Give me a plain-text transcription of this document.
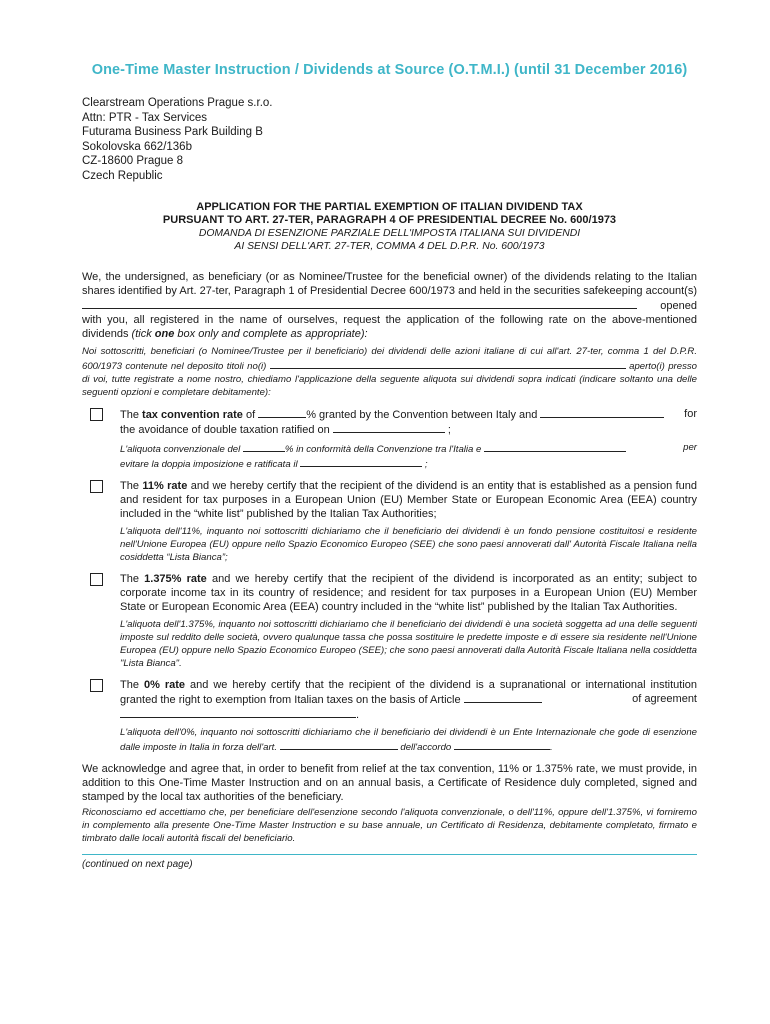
One-Time Master Instruction / Dividends at Source (O.T.M.I.) (until 31 December 2016)
Clearstream Operations Prague s.r.o.
Attn: PTR - Tax Services
Futurama Business Park Building B
Sokolovska 662/136b
CZ-18600 Prague 8
Czech Republic
APPLICATION FOR THE PARTIAL EXEMPTION OF ITALIAN DIVIDEND TAX
PURSUANT TO ART. 27-TER, PARAGRAPH 4 OF PRESIDENTIAL DECREE No. 600/1973
DOMANDA DI ESENZIONE PARZIALE DELL'IMPOSTA ITALIANA SUI DIVIDENDI
AI SENSI DELL'ART. 27-TER, COMMA 4 DEL D.P.R. No. 600/1973
We, the undersigned, as beneficiary (or as Nominee/Trustee for the beneficial owner) of the dividends relating to the Italian shares identified by Art. 27-ter, Paragraph 1 of Presidential Decree 600/1973 and held in the securities safekeeping account(s)  opened with you, all registered in the name of ourselves, request the application of the following rate on the above-mentioned dividends (tick one box only and complete as appropriate):
Noi sottoscritti, beneficiari (o Nominee/Trustee per il beneficiario) dei dividendi delle azioni italiane di cui all'art. 27-ter, comma 1 del D.P.R. 600/1973 contenute nel deposito titoli no(i)	aperto(i) presso di voi, tutte registrate a nome nostro, chiediamo l'applicazione della seguente aliquota sui dividendi sopra indicati (indicare soltanto una delle seguenti opzioni e completare debitamente):
The tax convention rate of	% granted by the Convention between Italy and	for

the avoidance of double taxation ratified on	;
L'aliquota convenzionale del	% in conformità della Convenzione tra l'Italia e	per

evitare la doppia imposizione e ratificata il	;
The 11% rate and we hereby certify that the recipient of the dividend is an entity that is established as a pension fund and resident for tax purposes in a European Union (EU) Member State or European Economic Area (EEA) country included in the “white list” published by the Italian Tax Authorities;
L'aliquota dell'11%, inquanto noi sottoscritti dichiariamo che il beneficiario dei dividendi è un fondo pensione costituitosi e residente nell'Unione Europea (EU) oppure nello Spazio Economico Europeo (SEE) che sono paesi annoverati dall' Autorità Fiscale Italiana nella cosiddetta “Lista Bianca”;
The 1.375% rate and we hereby certify that the recipient of the dividend is incorporated as an entity; subject to corporate income tax in its country of residence; and resident for tax purposes in a European Union (EU) Member State or European Economic Area (EEA) country included in the “white list” published by the Italian Tax Authorities.
L'aliquota dell'1.375%, inquanto noi sottoscritti dichiariamo che il beneficiario dei dividendi è una società soggetta ad una delle seguenti imposte sul reddito delle società, ovvero qualunque tassa che possa sostituire le predette imposte e di essere sia residente nell'Unione Europea (EU) oppure nello Spazio Economico Europeo (SEE); che sono paesi annoverati dalla Autorità Fiscale Italiana nella cosiddetta "Lista Bianca".
The 0% rate and we hereby certify that the recipient of the dividend is a supranational or international institution granted the right to exemption from Italian taxes on the basis of Article	of agreement

.
L'aliquota dell'0%, inquanto noi sottoscritti dichiariamo che il beneficiario dei dividendi è un Ente Internazionale che gode di esenzione dalle imposte in Italia in forza dell'art.	dell'accordo	.
We acknowledge and agree that, in order to benefit from relief at the tax convention, 11% or 1.375% rate, we must provide, in addition to this One-Time Master Instruction and on an annual basis, a Certificate of Residence duly completed, signed and stamped by the local tax authorities of the beneficiary.
Riconosciamo ed accettiamo che, per beneficiare dell'esenzione secondo l'aliquota convenzionale, o dell'11%, oppure dell'1.375%, vi forniremo in complemento alla presente One-Time Master Instruction e su base annuale, un Certificato di Residenza, debitamente completato, firmato e timbrato dalle locali autorità fiscali del beneficiario.
(continued on next page)
